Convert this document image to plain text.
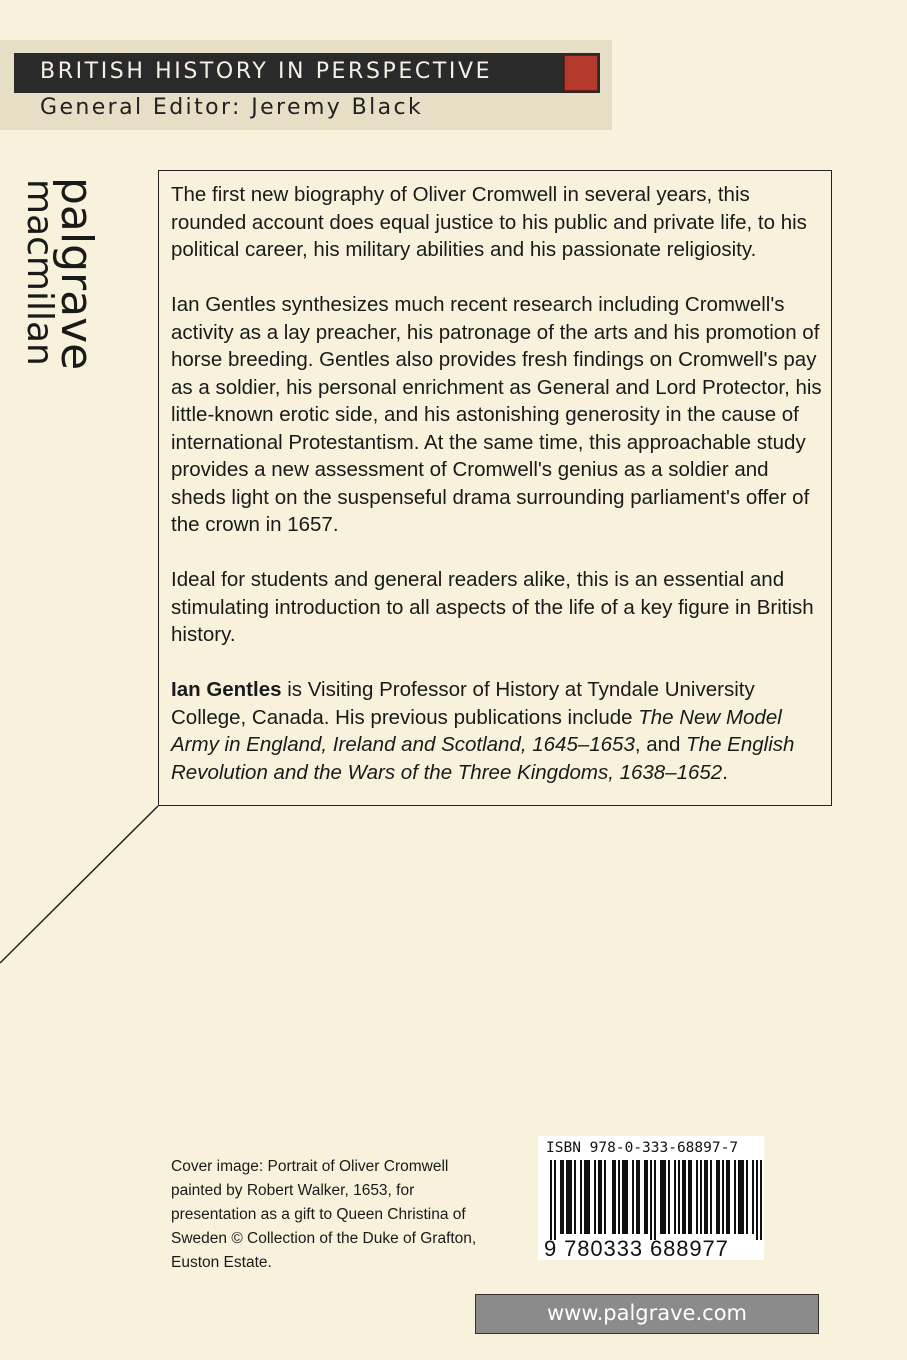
BRITISH HISTORY IN PERSPECTIVE
General Editor: Jeremy Black
palgrave
macmillan	The first new biography of Oliver Cromwell in several years, this rounded account does equal justice to his public and private life, to his political career, his military abilities and his passionate religiosity.

Ian Gentles synthesizes much recent research including Cromwell's activity as a lay preacher, his patronage of the arts and his promotion of horse breeding. Gentles also provides fresh findings on Cromwell's pay as a soldier, his personal enrichment as General and Lord Protector, his little-known erotic side, and his astonishing generosity in the cause of international Protestantism. At the same time, this approachable study provides a new assessment of Cromwell's genius as a soldier and sheds light on the suspenseful drama surrounding parliament's offer of the crown in 1657.

Ideal for students and general readers alike, this is an essential and stimulating introduction to all aspects of the life of a key figure in British history.

Ian Gentles is Visiting Professor of History at Tyndale University College, Canada. His previous publications include The New Model Army in England, Ireland and Scotland, 1645–1653, and The English Revolution and the Wars of the Three Kingdoms, 1638–1652.

Cover image: Portrait of Oliver Cromwell painted by Robert Walker, 1653, for presentation as a gift to Queen Christina of Sweden © Collection of the Duke of Grafton, Euston Estate.
ISBN 978-0-333-68897-7
9 780333 688977
www.palgrave.com
